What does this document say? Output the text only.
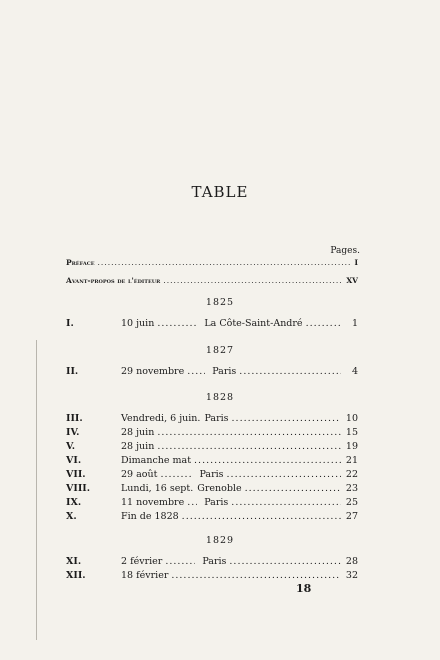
TABLE
Pages.
Préface .....	I
Avant-propos de l'éditeur .....	XV
1825
I.	10 juin .....	La Côte-Saint-André .....	1
1827
II.	29 novembre .....	Paris .....	4
1828
III.	Vendredi, 6 juin. Paris .....	10
IV.	28 juin .....	15
V.	28 juin .....	19
VI.	Dimanche mat .....	21
VII.	29 août .....	Paris .....	22
VIII.	Lundi, 16 sept. Grenoble .....	23
IX.	11 novembre ..... Paris .....	25
X.	Fin de 1828 .....	27
1829
XI.	2 février .....	Paris .....	28
XII.	18 février .....	32
18
